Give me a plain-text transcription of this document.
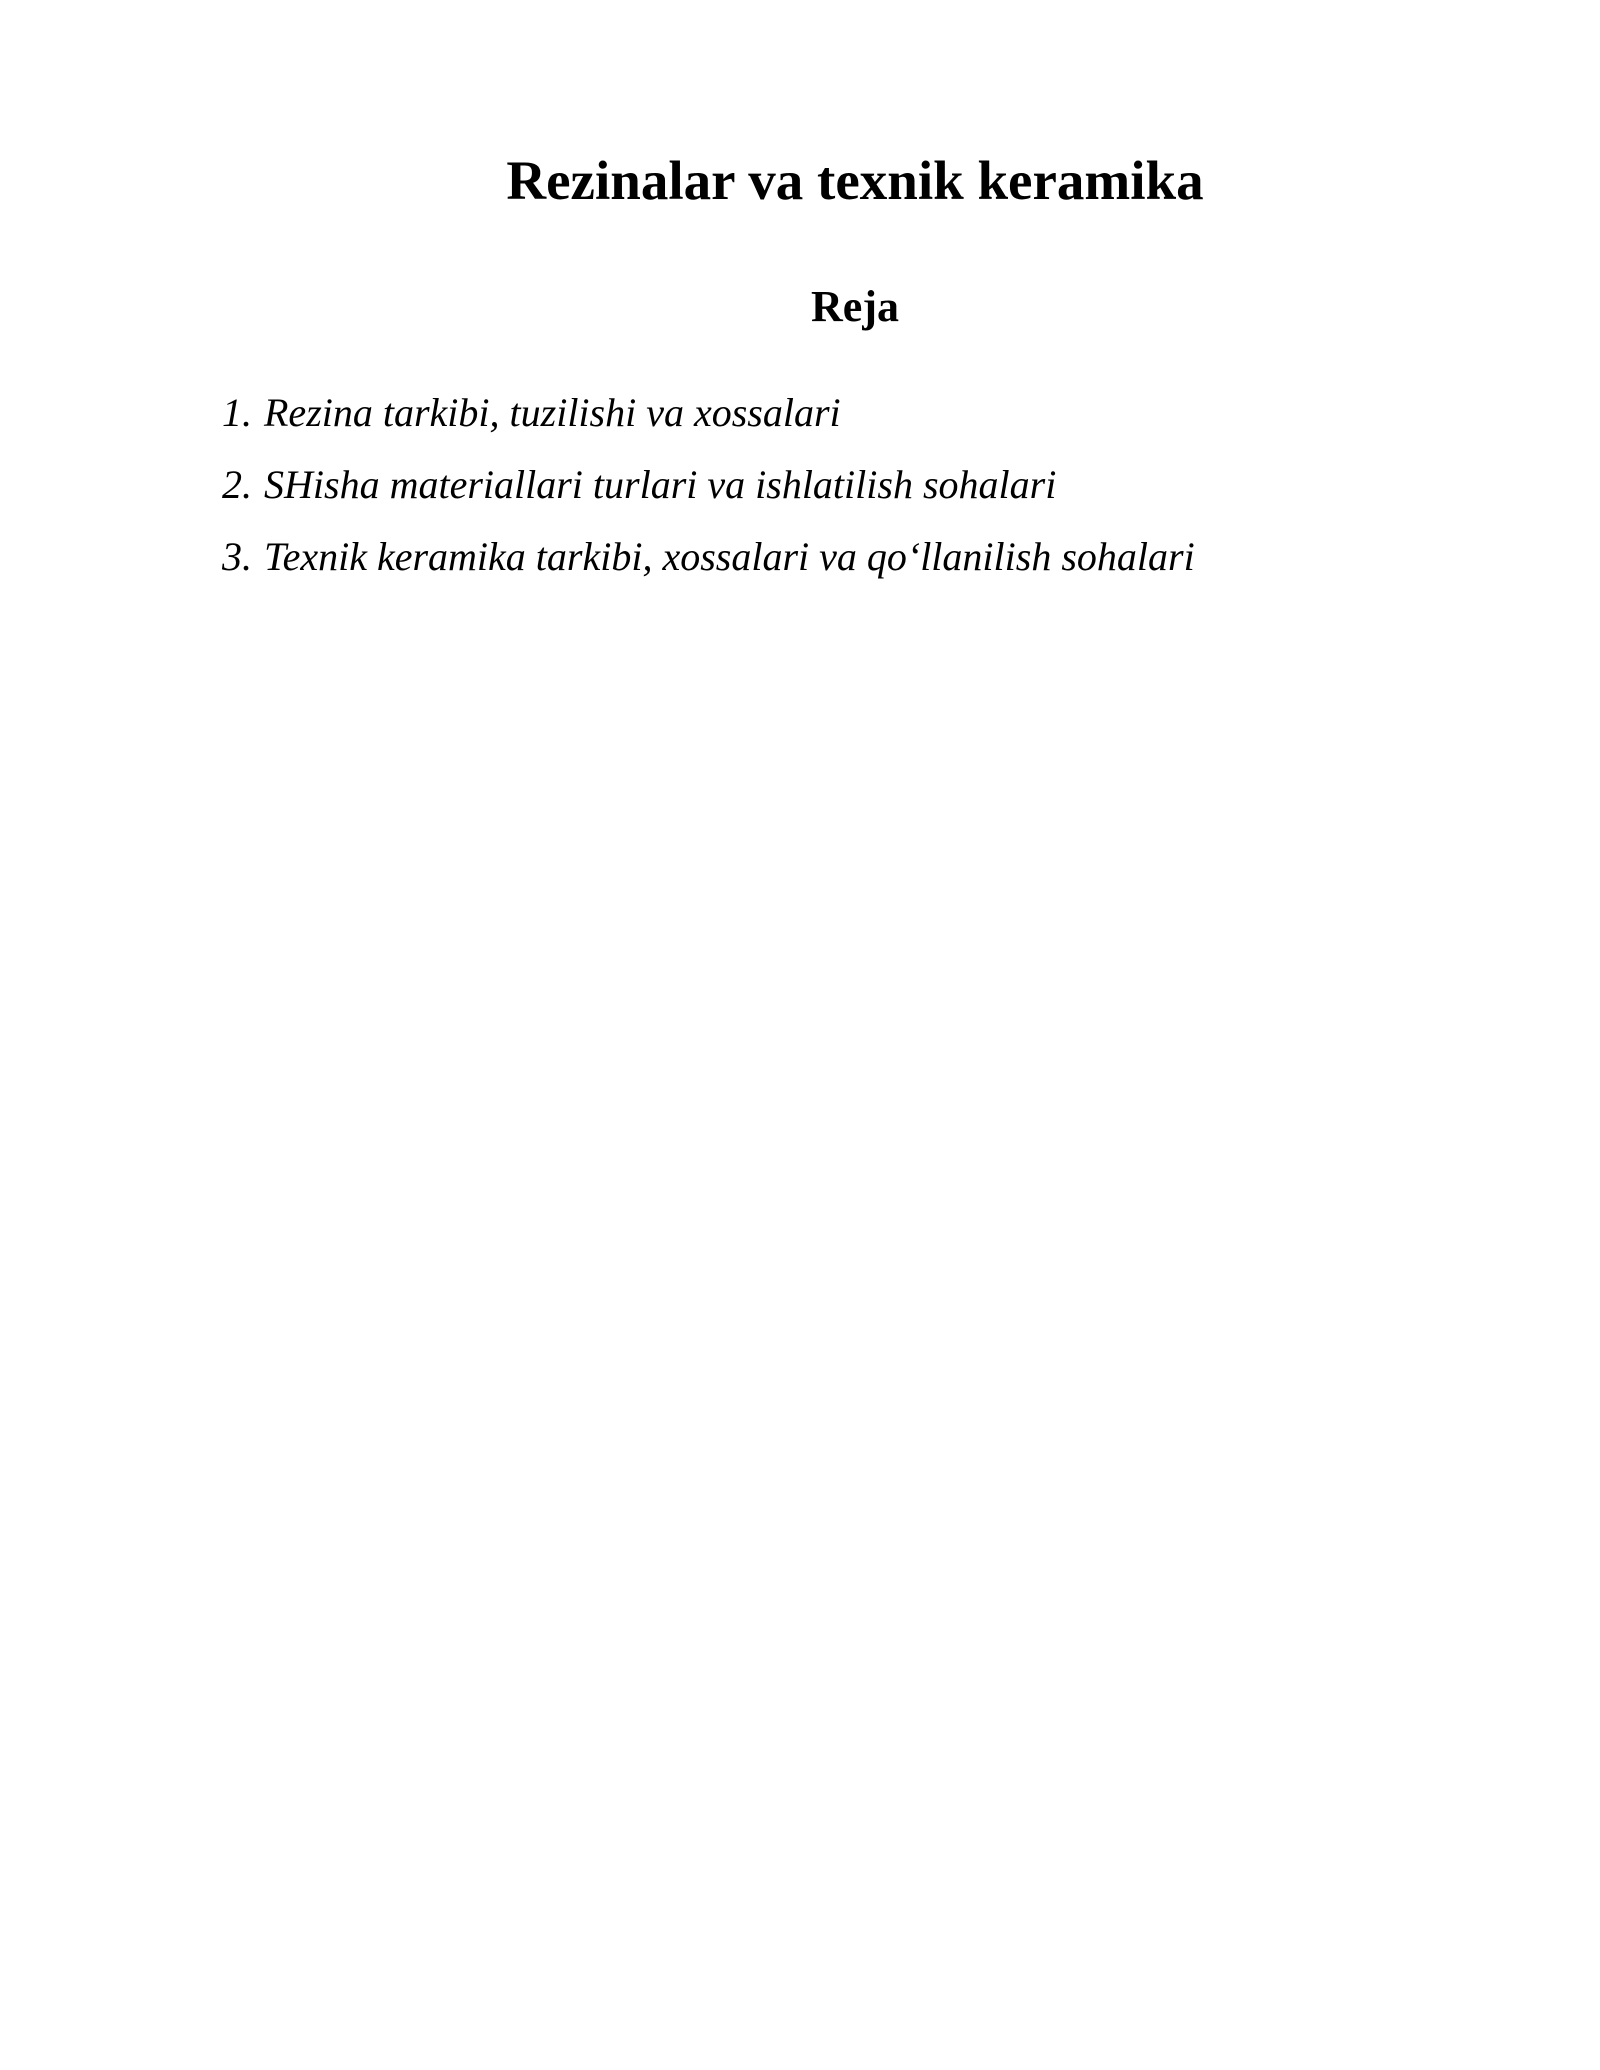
Rezinalar va texnik keramika
Reja
1. Rezina tarkibi, tuzilishi va xossalari
2. SHisha materiallari turlari va ishlatilish sohalari
3. Texnik keramika tarkibi, xossalari va qo‘llanilish sohalari
